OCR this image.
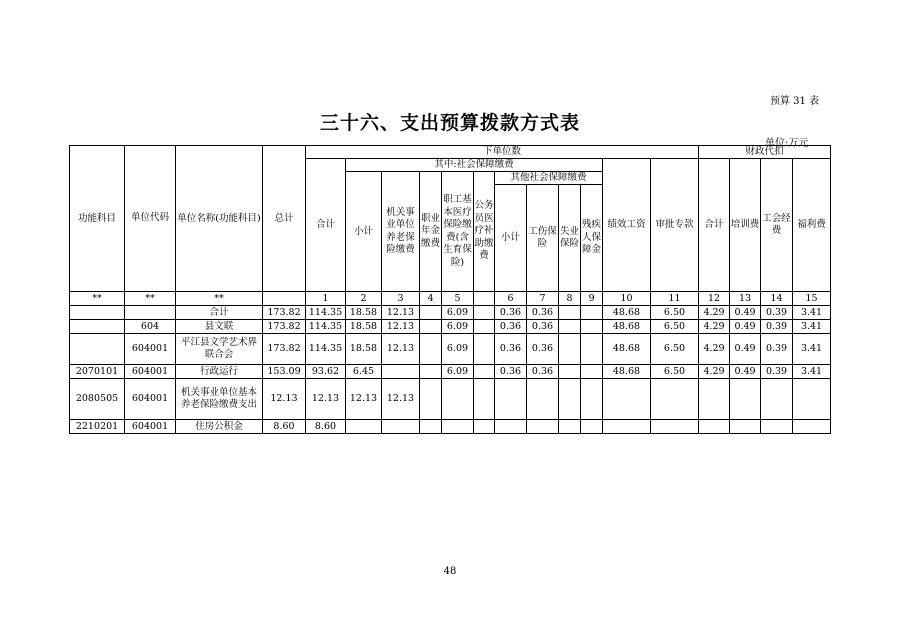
预算 31 表
三十六、支出预算拨款方式表
单位:万元
功能科目	单位代码	单位名称(功能科目)	总计	下单位数												财政代扣			
				合计	其中:社会保障缴费									绩效工资	审批专款	合计	培训费	工会经费	福利费
					小计	机关事业单位养老保险缴费	职业年金缴费	职工基本医疗保险缴费(含生育保险)	公务员医疗补助缴费	其他社会保障缴费									
										小计	工伤保险	失业保险	残疾人保障金						
**	**	**		1	2	3	4	5		6	7	8	9	10	11	12	13	14	15
		合计	173.82	114.35	18.58	12.13		6.09		0.36	0.36			48.68	6.50	4.29	0.49	0.39	3.41
	604	县文联	173.82	114.35	18.58	12.13		6.09		0.36	0.36			48.68	6.50	4.29	0.49	0.39	3.41
	604001	平江县文学艺术界联合会	173.82	114.35	18.58	12.13		6.09		0.36	0.36			48.68	6.50	4.29	0.49	0.39	3.41
2070101	604001	行政运行	153.09	93.62	6.45			6.09		0.36	0.36			48.68	6.50	4.29	0.49	0.39	3.41
2080505	604001	机关事业单位基本养老保险缴费支出	12.13	12.13	12.13	12.13													
2210201	604001	住房公积金	8.60	8.60															
48
